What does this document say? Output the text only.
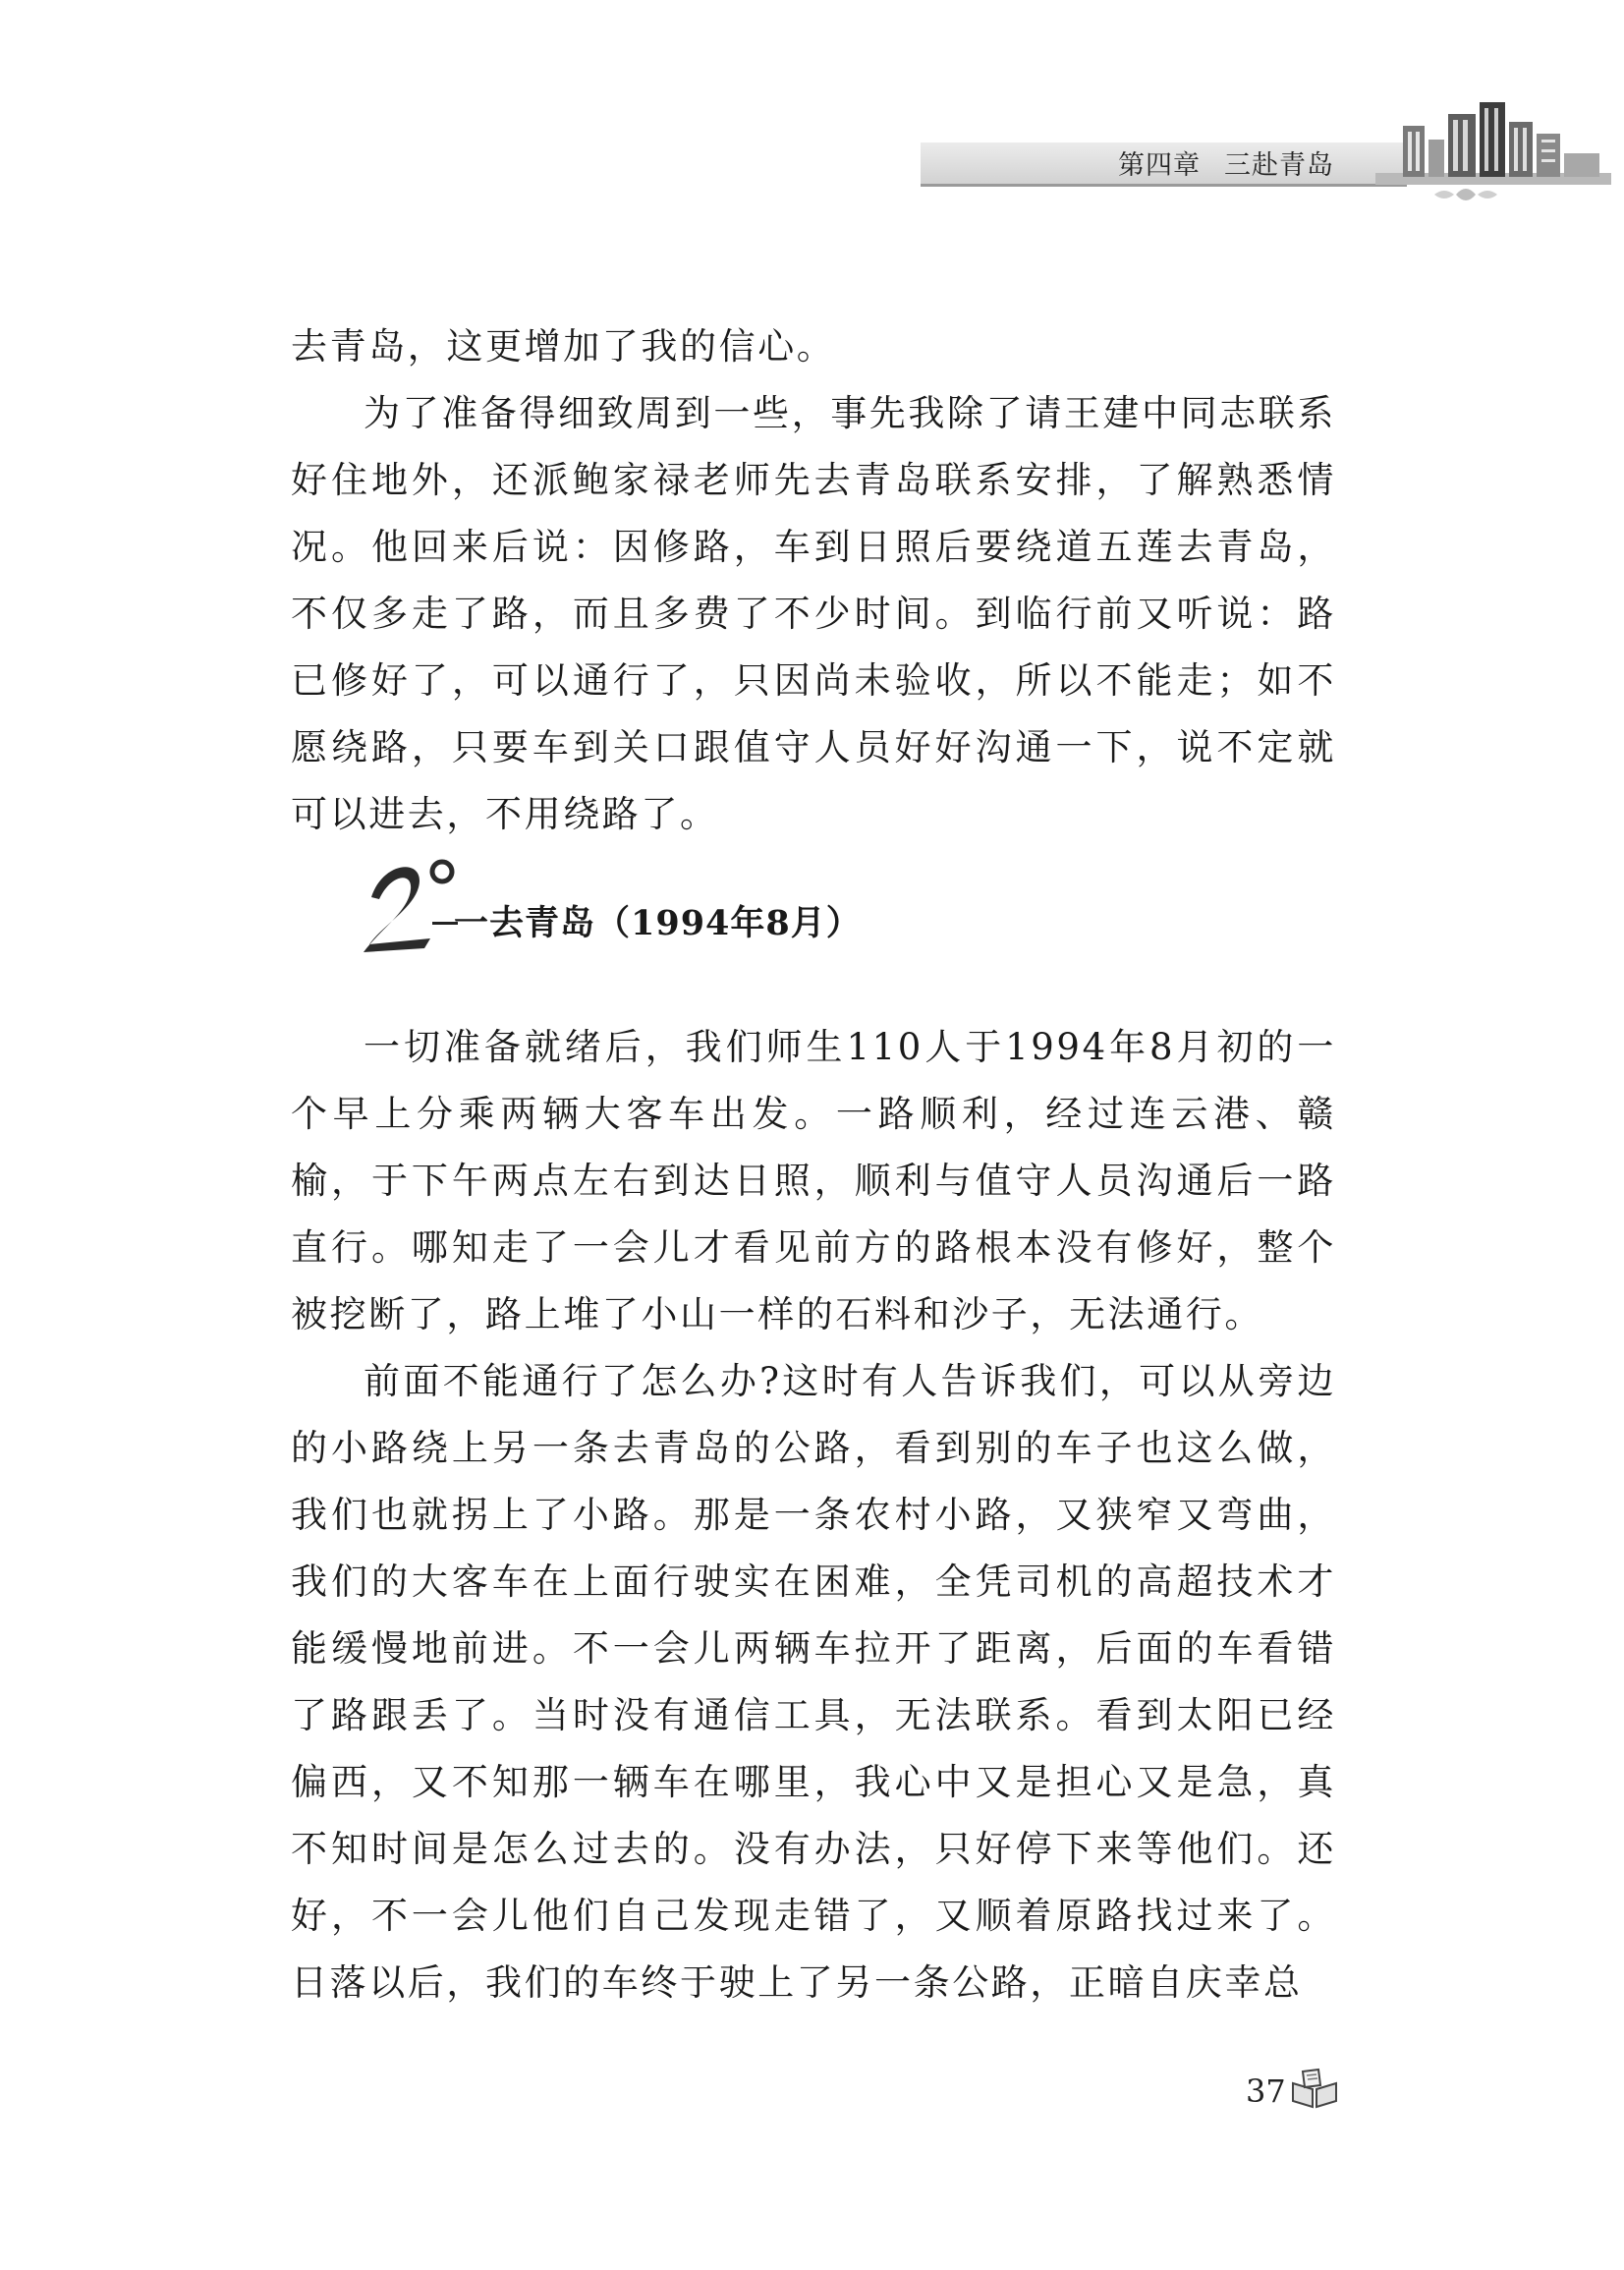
第四章 三赴青岛

去青岛，这更增加了我的信心。

为了准备得细致周到一些，事先我除了请王建中同志联系好住地外，还派鲍家禄老师先去青岛联系安排，了解熟悉情况。他回来后说：因修路，车到日照后要绕道五莲去青岛，不仅多走了路，而且多费了不少时间。到临行前又听说：路已修好了，可以通行了，只因尚未验收，所以不能走；如不愿绕路，只要车到关口跟值守人员好好沟通一下，说不定就可以进去，不用绕路了。

一去青岛（1994年8月）

一切准备就绪后，我们师生110人于1994年8月初的一个早上分乘两辆大客车出发。一路顺利，经过连云港、赣榆，于下午两点左右到达日照，顺利与值守人员沟通后一路直行。哪知走了一会儿才看见前方的路根本没有修好，整个被挖断了，路上堆了小山一样的石料和沙子，无法通行。

前面不能通行了怎么办?这时有人告诉我们，可以从旁边的小路绕上另一条去青岛的公路，看到别的车子也这么做，我们也就拐上了小路。那是一条农村小路，又狭窄又弯曲，我们的大客车在上面行驶实在困难，全凭司机的高超技术才能缓慢地前进。不一会儿两辆车拉开了距离，后面的车看错了路跟丢了。当时没有通信工具，无法联系。看到太阳已经偏西，又不知那一辆车在哪里，我心中又是担心又是急，真不知时间是怎么过去的。没有办法，只好停下来等他们。还好，不一会儿他们自己发现走错了，又顺着原路找过来了。日落以后，我们的车终于驶上了另一条公路，正暗自庆幸总

37
